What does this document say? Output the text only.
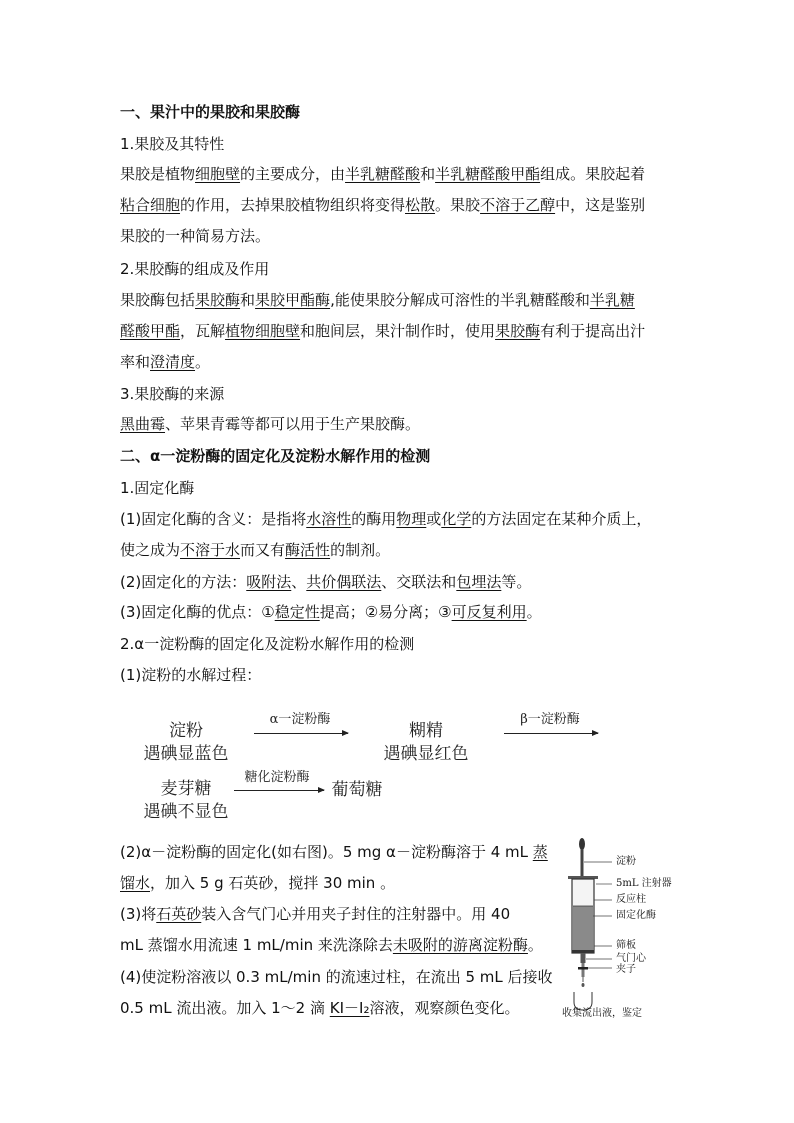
一、果汁中的果胶和果胶酶
1.果胶及其特性
果胶是植物细胞壁的主要成分，由半乳糖醛酸和半乳糖醛酸甲酯组成。果胶起着
粘合细胞的作用，去掉果胶植物组织将变得松散。果胶不溶于乙醇中，这是鉴别
果胶的一种简易方法。
2.果胶酶的组成及作用
果胶酶包括果胶酶和果胶甲酯酶,能使果胶分解成可溶性的半乳糖醛酸和半乳糖
醛酸甲酯，瓦解植物细胞壁和胞间层，果汁制作时，使用果胶酶有利于提高出汁
率和澄清度。
3.果胶酶的来源
黑曲霉、苹果青霉等都可以用于生产果胶酶。
二、α一淀粉酶的固定化及淀粉水解作用的检测
1.固定化酶
(1)固定化酶的含义：是指将水溶性的酶用物理或化学的方法固定在某种介质上，
使之成为不溶于水而又有酶活性的制剂。
(2)固定化的方法：吸附法、共价偶联法、交联法和包埋法等。
(3)固定化酶的优点：①稳定性提高；②易分离；③可反复利用。
2.α一淀粉酶的固定化及淀粉水解作用的检测
(1)淀粉的水解过程：
淀粉
遇碘显蓝色
α一淀粉酶
糊精
遇碘显红色
β一淀粉酶
麦芽糖
遇碘不显色
糖化淀粉酶
葡萄糖
(2)α－淀粉酶的固定化(如右图)。5 mg α－淀粉酶溶于 4 mL 蒸
馏水，加入 5 g 石英砂，搅拌 30 min 。
(3)将石英砂装入含气门心并用夹子封住的注射器中。用 40
mL 蒸馏水用流速 1 mL/min 来洗涤除去未吸附的游离淀粉酶。
(4)使淀粉溶液以 0.3 mL/min 的流速过柱，在流出 5 mL 后接收
0.5 mL 流出液。加入 1～2 滴 KI－I₂溶液，观察颜色变化。
淀粉
5mL 注射器
反应柱
固定化酶
筛板
气门心
夹子
收集流出液，鉴定
